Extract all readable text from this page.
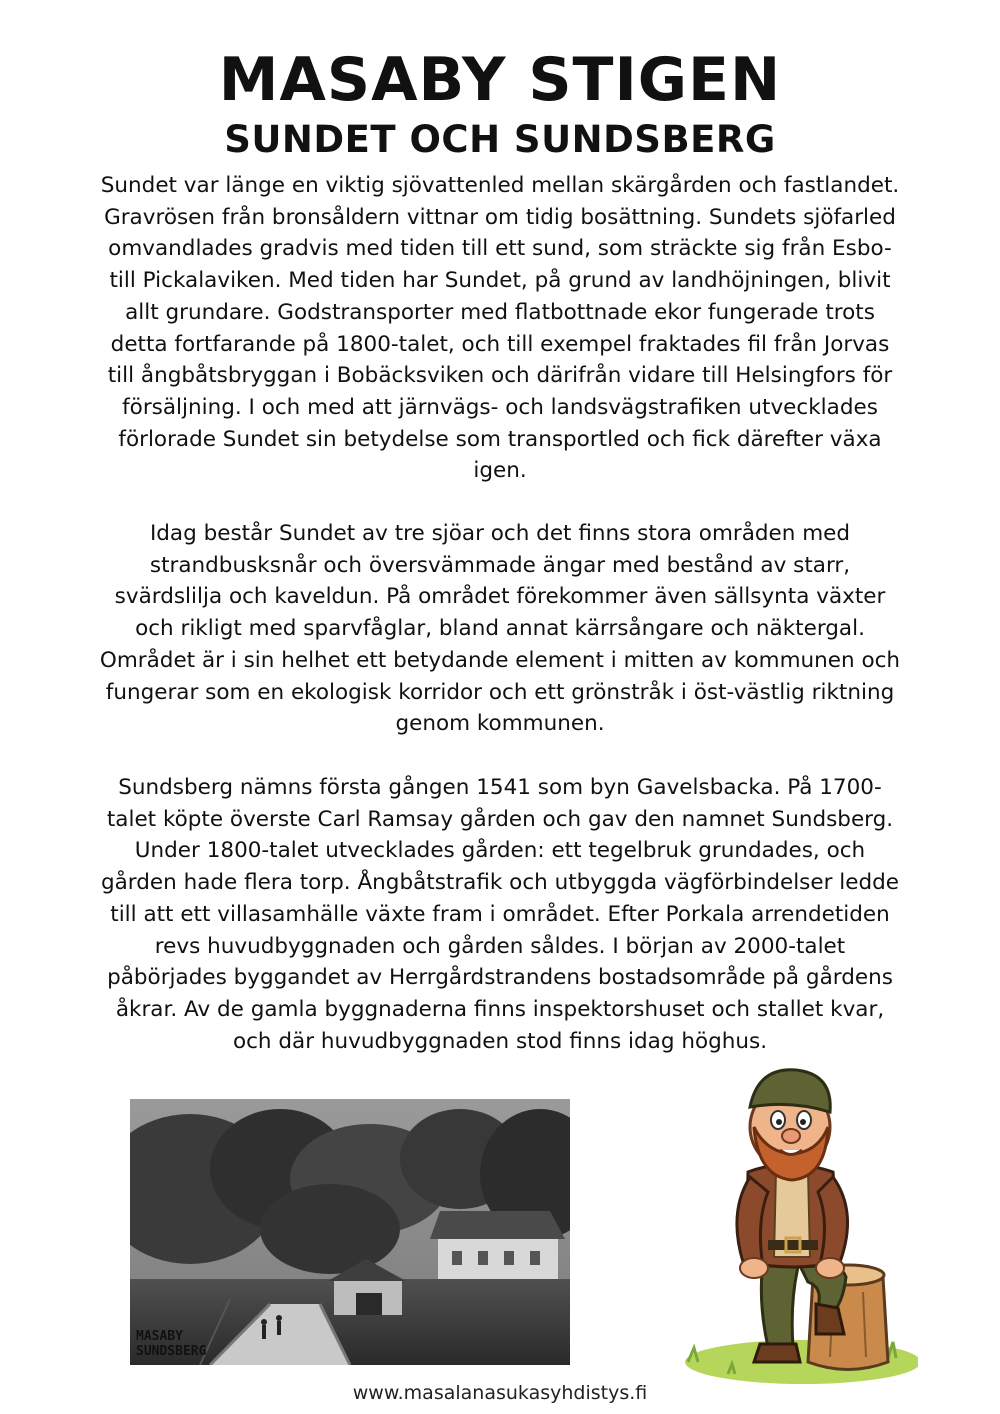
MASABY STIGEN
SUNDET OCH SUNDSBERG

Sundet var länge en viktig sjövattenled mellan skärgården och fastlandet. Gravrösen från bronsåldern vittnar om tidig bosättning. Sundets sjöfarled omvandlades gradvis med tiden till ett sund, som sträckte sig från Esbo- till Pickalaviken. Med tiden har Sundet, på grund av landhöjningen, blivit allt grundare. Godstransporter med flatbottnade ekor fungerade trots detta fortfarande på 1800-talet, och till exempel fraktades fil från Jorvas till ångbåtsbryggan i Bobäcksviken och därifrån vidare till Helsingfors för försäljning. I och med att järnvägs- och landsvägstrafiken utvecklades förlorade Sundet sin betydelse som transportled och fick därefter växa igen.

Idag består Sundet av tre sjöar och det finns stora områden med strandbusksnår och översvämmade ängar med bestånd av starr, svärdslilja och kaveldun. På området förekommer även sällsynta växter och rikligt med sparvfåglar, bland annat kärrsångare och näktergal. Området är i sin helhet ett betydande element i mitten av kommunen och fungerar som en ekologisk korridor och ett grönstråk i öst-västlig riktning genom kommunen.

Sundsberg nämns första gången 1541 som byn Gavelsbacka. På 1700-talet köpte överste Carl Ramsay gården och gav den namnet Sundsberg. Under 1800-talet utvecklades gården: ett tegelbruk grundades, och gården hade flera torp. Ångbåtstrafik och utbyggda vägförbindelser ledde till att ett villasamhälle växte fram i området. Efter Porkala arrendetiden revs huvudbyggnaden och gården såldes. I början av 2000-talet påbörjades byggandet av Herrgårdstrandens bostadsområde på gårdens åkrar. Av de gamla byggnaderna finns inspektorshuset och stallet kvar, och där huvudbyggnaden stod finns idag höghus.

MASABY
SUNDSBERG
www.masalanasukasyhdistys.fi
